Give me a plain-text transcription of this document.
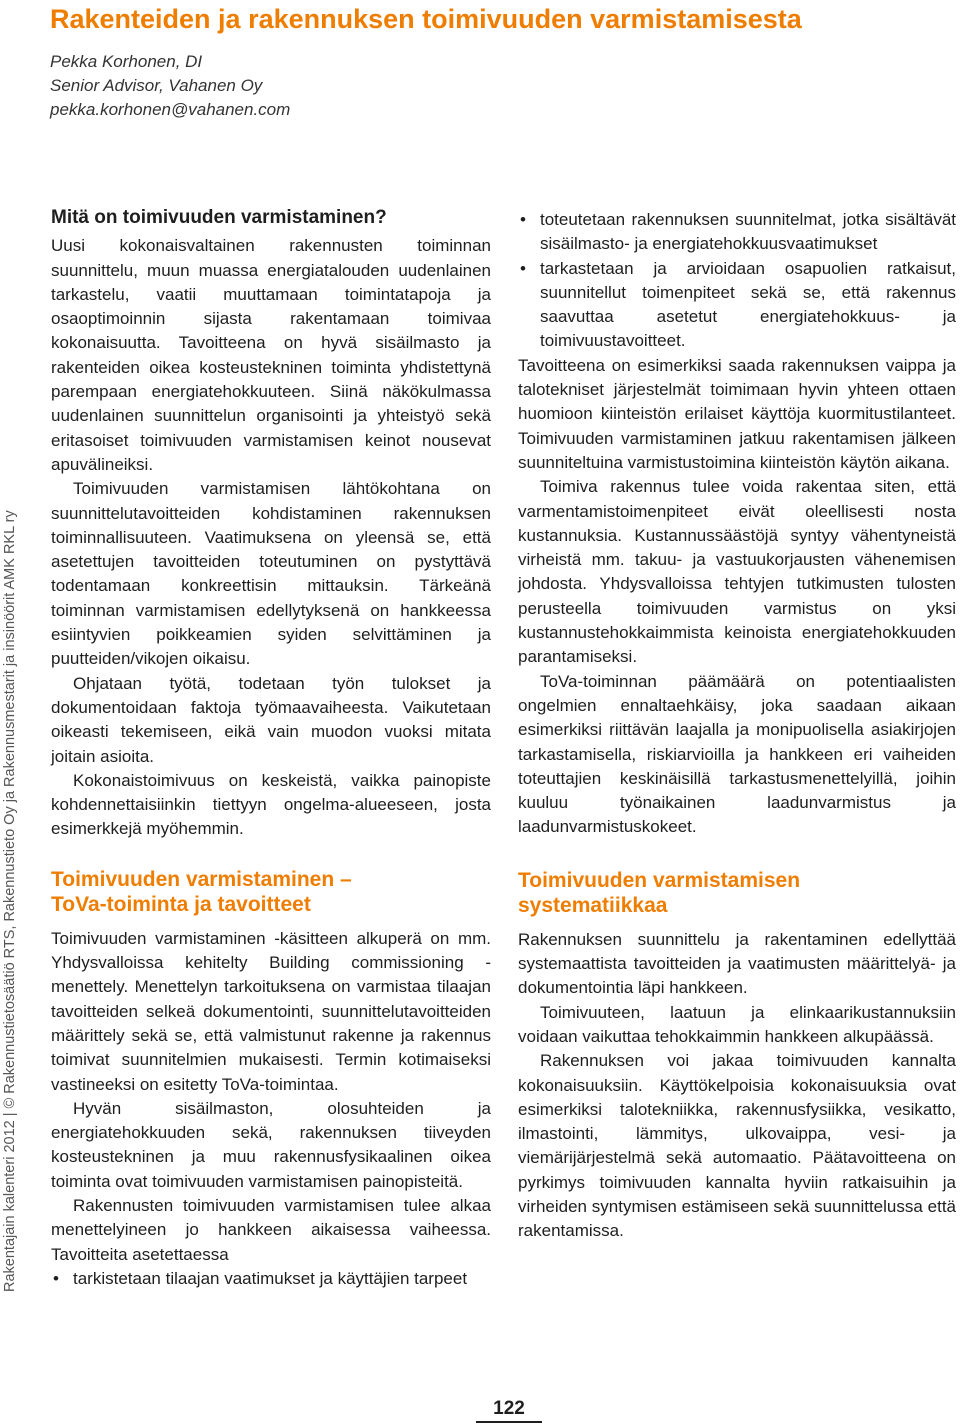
Rakentajain kalenteri 2012 | © Rakennustietosäätiö RTS, Rakennustieto Oy ja Rakennusmestarit ja insinöörit AMK RKL ry
Rakenteiden ja rakennuksen toimivuuden varmistamisesta
Pekka Korhonen, DI
Senior Advisor, Vahanen Oy
pekka.korhonen@vahanen.com
Mitä on toimivuuden varmistaminen?

Uusi kokonaisvaltainen rakennusten toiminnan suunnittelu, muun muassa energiatalouden uudenlainen tarkastelu, vaatii muuttamaan toimintatapoja ja osaoptimoinnin sijasta rakentamaan toimivaa kokonaisuutta. Tavoitteena on hyvä sisäilmasto ja rakenteiden oikea kosteustekninen toiminta yhdistettynä parempaan energiatehokkuuteen. Siinä näkökulmassa uudenlainen suunnittelun organisointi ja yhteistyö sekä eritasoiset toimivuuden varmistamisen keinot nousevat apuvälineiksi.

Toimivuuden varmistamisen lähtökohtana on suunnittelutavoitteiden kohdistaminen rakennuksen toiminnallisuuteen. Vaatimuksena on yleensä se, että asetettujen tavoitteiden toteutuminen on pystyttävä todentamaan konkreettisin mittauksin. Tärkeänä toiminnan varmistamisen edellytyksenä on hankkeessa esiintyvien poikkeamien syiden selvittäminen ja puutteiden/vikojen oikaisu.

Ohjataan työtä, todetaan työn tulokset ja dokumentoidaan faktoja työmaavaiheesta. Vaikutetaan oikeasti tekemiseen, eikä vain muodon vuoksi mitata joitain asioita.

Kokonaistoimivuus on keskeistä, vaikka painopiste kohdennettaisiinkin tiettyyn ongelma-alueeseen, josta esimerkkejä myöhemmin.

Toimivuuden varmistaminen –
ToVa-toiminta ja tavoitteet

Toimivuuden varmistaminen -käsitteen alkuperä on mm. Yhdysvalloissa kehitelty Building commissioning -menettely. Menettelyn tarkoituksena on varmistaa tilaajan tavoitteiden selkeä dokumentointi, suunnittelutavoitteiden määrittely sekä se, että valmistunut rakenne ja rakennus toimivat suunnitelmien mukaisesti. Termin kotimaiseksi vastineeksi on esitetty ToVa-toimintaa.

Hyvän sisäilmaston, olosuhteiden ja energiatehokkuuden sekä, rakennuksen tiiveyden kosteustekninen ja muu rakennusfysikaalinen oikea toiminta ovat toimivuuden varmistamisen painopisteitä.

Rakennusten toimivuuden varmistamisen tulee alkaa menettelyineen jo hankkeen aikaisessa vaiheessa. Tavoitteita asetettaessa

• tarkistetaan tilaajan vaatimukset ja käyttäjien tarpeet
• toteutetaan rakennuksen suunnitelmat, jotka sisältävät sisäilmasto- ja energiatehokkuusvaatimukset
• tarkastetaan ja arvioidaan osapuolien ratkaisut, suunnitellut toimenpiteet sekä se, että rakennus saavuttaa asetetut energiatehokkuus- ja toimivuustavoitteet.

Tavoitteena on esimerkiksi saada rakennuksen vaippa ja talotekniset järjestelmät toimimaan hyvin yhteen ottaen huomioon kiinteistön erilaiset käyttöja kuormitustilanteet. Toimivuuden varmistaminen jatkuu rakentamisen jälkeen suunniteltuina varmistustoimina kiinteistön käytön aikana.

Toimiva rakennus tulee voida rakentaa siten, että varmentamistoimenpiteet eivät oleellisesti nosta kustannuksia. Kustannussäästöjä syntyy vähentyneistä virheistä mm. takuu- ja vastuukorjausten vähenemisen johdosta. Yhdysvalloissa tehtyjen tutkimusten tulosten perusteella toimivuuden varmistus on yksi kustannustehokkaimmista keinoista energiatehokkuuden parantamiseksi.

ToVa-toiminnan päämäärä on potentiaalisten ongelmien ennaltaehkäisy, joka saadaan aikaan esimerkiksi riittävän laajalla ja monipuolisella asiakirjojen tarkastamisella, riskiarvioilla ja hankkeen eri vaiheiden toteuttajien keskinäisillä tarkastusmenettelyillä, joihin kuuluu työnaikainen laadunvarmistus ja laadunvarmistuskokeet.

Toimivuuden varmistamisen
systematiikkaa

Rakennuksen suunnittelu ja rakentaminen edellyttää systemaattista tavoitteiden ja vaatimusten määrittelyä- ja dokumentointia läpi hankkeen.

Toimivuuteen, laatuun ja elinkaarikustannuksiin voidaan vaikuttaa tehokkaimmin hankkeen alkupäässä.

Rakennuksen voi jakaa toimivuuden kannalta kokonaisuuksiin. Käyttökelpoisia kokonaisuuksia ovat esimerkiksi talotekniikka, rakennusfysiikka, vesikatto, ilmastointi, lämmitys, ulkovaippa, vesi- ja viemärijärjestelmä sekä automaatio. Päätavoitteena on pyrkimys toimivuuden kannalta hyviin ratkaisuihin ja virheiden syntymisen estämiseen sekä suunnittelussa että rakentamissa.

122
